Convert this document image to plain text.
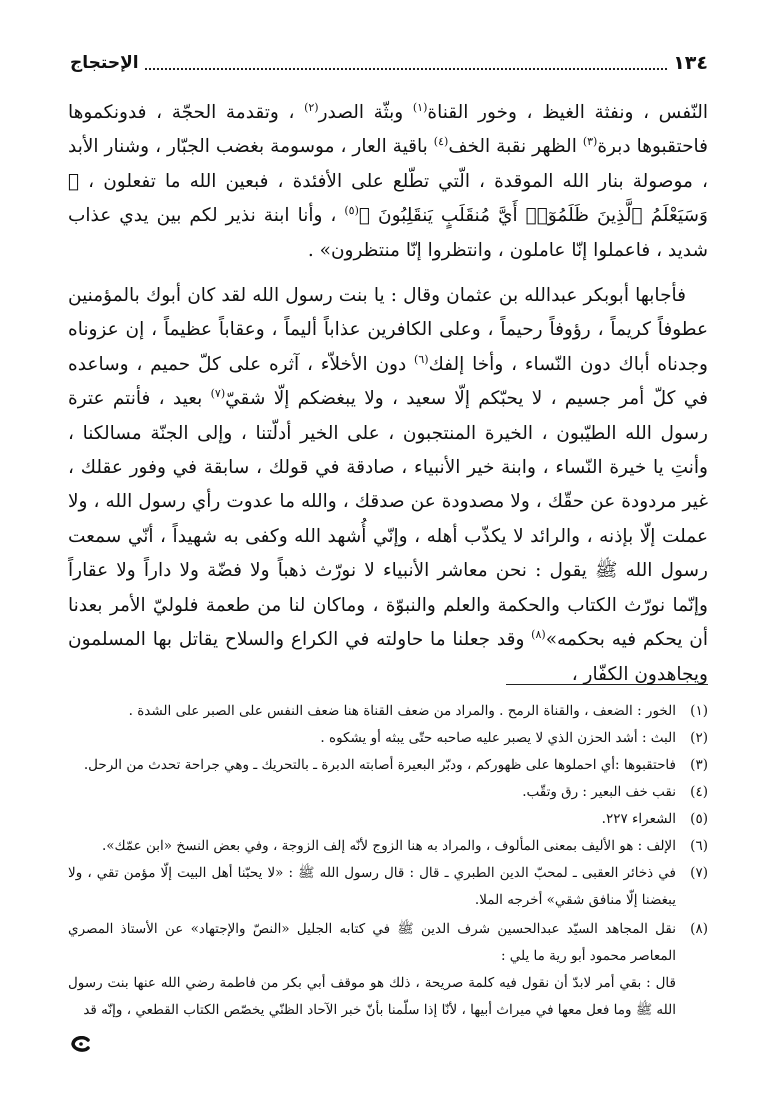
الإحتجاج	١٣٤

النّفس ، ونفثة الغيظ ، وخور القناة$^{(١)}$ وبثّة الصدر$^{(٢)}$ ، وتقدمة الحجّة ، فدونكموها فاحتقبوها دبرة$^{(٣)}$ الظهر نقبة الخف$^{(٤)}$ باقية العار ، موسومة بغضب الجبّار ، وشنار الأبد ، موصولة بنار الله الموقدة ، الّتي تطّلع على الأفئدة ، فبعين الله ما تفعلون ، ﴿ وَسَيَعْلَمُ ٱلَّذِينَ ظَلَمُوٓا۟ أَيَّ مُنقَلَبٍ يَنقَلِبُونَ ﴾$^{(٥)}$ ، وأنا ابنة نذير لكم بين يدي عذاب شديد ، فاعملوا إنّا عاملون ، وانتظروا إنّا منتظرون» .

فأجابها أبوبكر عبدالله بن عثمان وقال : يا بنت رسول الله لقد كان أبوك بالمؤمنين عطوفاً كريماً ، رؤوفاً رحيماً ، وعلى الكافرين عذاباً أليماً ، وعقاباً عظيماً ، إن عزوناه وجدناه أباك دون النّساء ، وأخا إلفك$^{(٦)}$ دون الأخلاّء ، آثره على كلّ حميم ، وساعده في كلّ أمر جسيم ، لا يحبّكم إلّا سعيد ، ولا يبغضكم إلّا شقيّ$^{(٧)}$ بعيد ، فأنتم عترة رسول الله الطيّبون ، الخيرة المنتجبون ، على الخير أدلّتنا ، وإلى الجنّة مسالكنا ، وأنتِ يا خيرة النّساء ، وابنة خير الأنبياء ، صادقة في قولك ، سابقة في وفور عقلك ، غير مردودة عن حقّك ، ولا مصدودة عن صدقك ، والله ما عدوت رأي رسول الله ، ولا عملت إلّا بإذنه ، والرائد لا يكذّب أهله ، وإنّي أُشهد الله وكفى به شهيداً ، أنّي سمعت رسول الله ﷺ يقول : نحن معاشر الأنبياء لا نورّث ذهباً ولا فضّة ولا داراً ولا عقاراً وإنّما نورّث الكتاب والحكمة والعلم والنبوّة ، وماكان لنا من طعمة فلوليّ الأمر بعدنا أن يحكم فيه بحكمه»$^{(٨)}$ وقد جعلنا ما حاولته في الكراع والسلاح يقاتل بها المسلمون ويجاهدون الكفّار ،

(١)
الخور : الضعف ، والقناة الرمح . والمراد من ضعف القناة هنا ضعف النفس على الصبر على الشدة .
(٢)
البث : أشد الحزن الذي لا يصبر عليه صاحبه حتّى يبثه أو يشكوه .
(٣)
فاحتقبوها :أي احملوها على ظهوركم ، ودبّر البعيرة أصابته الدبرة ـ بالتحريك ـ وهي جراحة تحدث من الرحل.
(٤)
نقب خف البعير : رق وتقّب.
(٥)
الشعراء ٢٢٧.
(٦)
الإلف : هو الأليف بمعنى المألوف ، والمراد به هنا الزوج لأنّه إلف الزوجة ، وفي بعض النسخ «ابن عمّك».
(٧)
في ذخائر العقبى ـ لمحبّ الدين الطبري ـ قال : قال رسول الله ﷺ : «لا يحبّنا أهل البيت إلّا مؤمن تقي ، ولا يبغضنا إلّا منافق شقي» أخرجه الملا.
(٨)
نقل المجاهد السيّد عبدالحسين شرف الدين ﷺ في كتابه الجليل «النصّ والإجتهاد» عن الأستاذ المصري المعاصر محمود أبو رية ما يلي :
قال : بقي أمر لابدّ أن نقول فيه كلمة صريحة ، ذلك هو موقف أبي بكر من فاطمة رضي الله عنها بنت رسول الله ﷺ وما فعل معها في ميراث أبيها ، لأنّا إذا سلّمنا بأنّ خبر الآحاد الظنّي يخصّص الكتاب القطعي ، وإنّه قد
